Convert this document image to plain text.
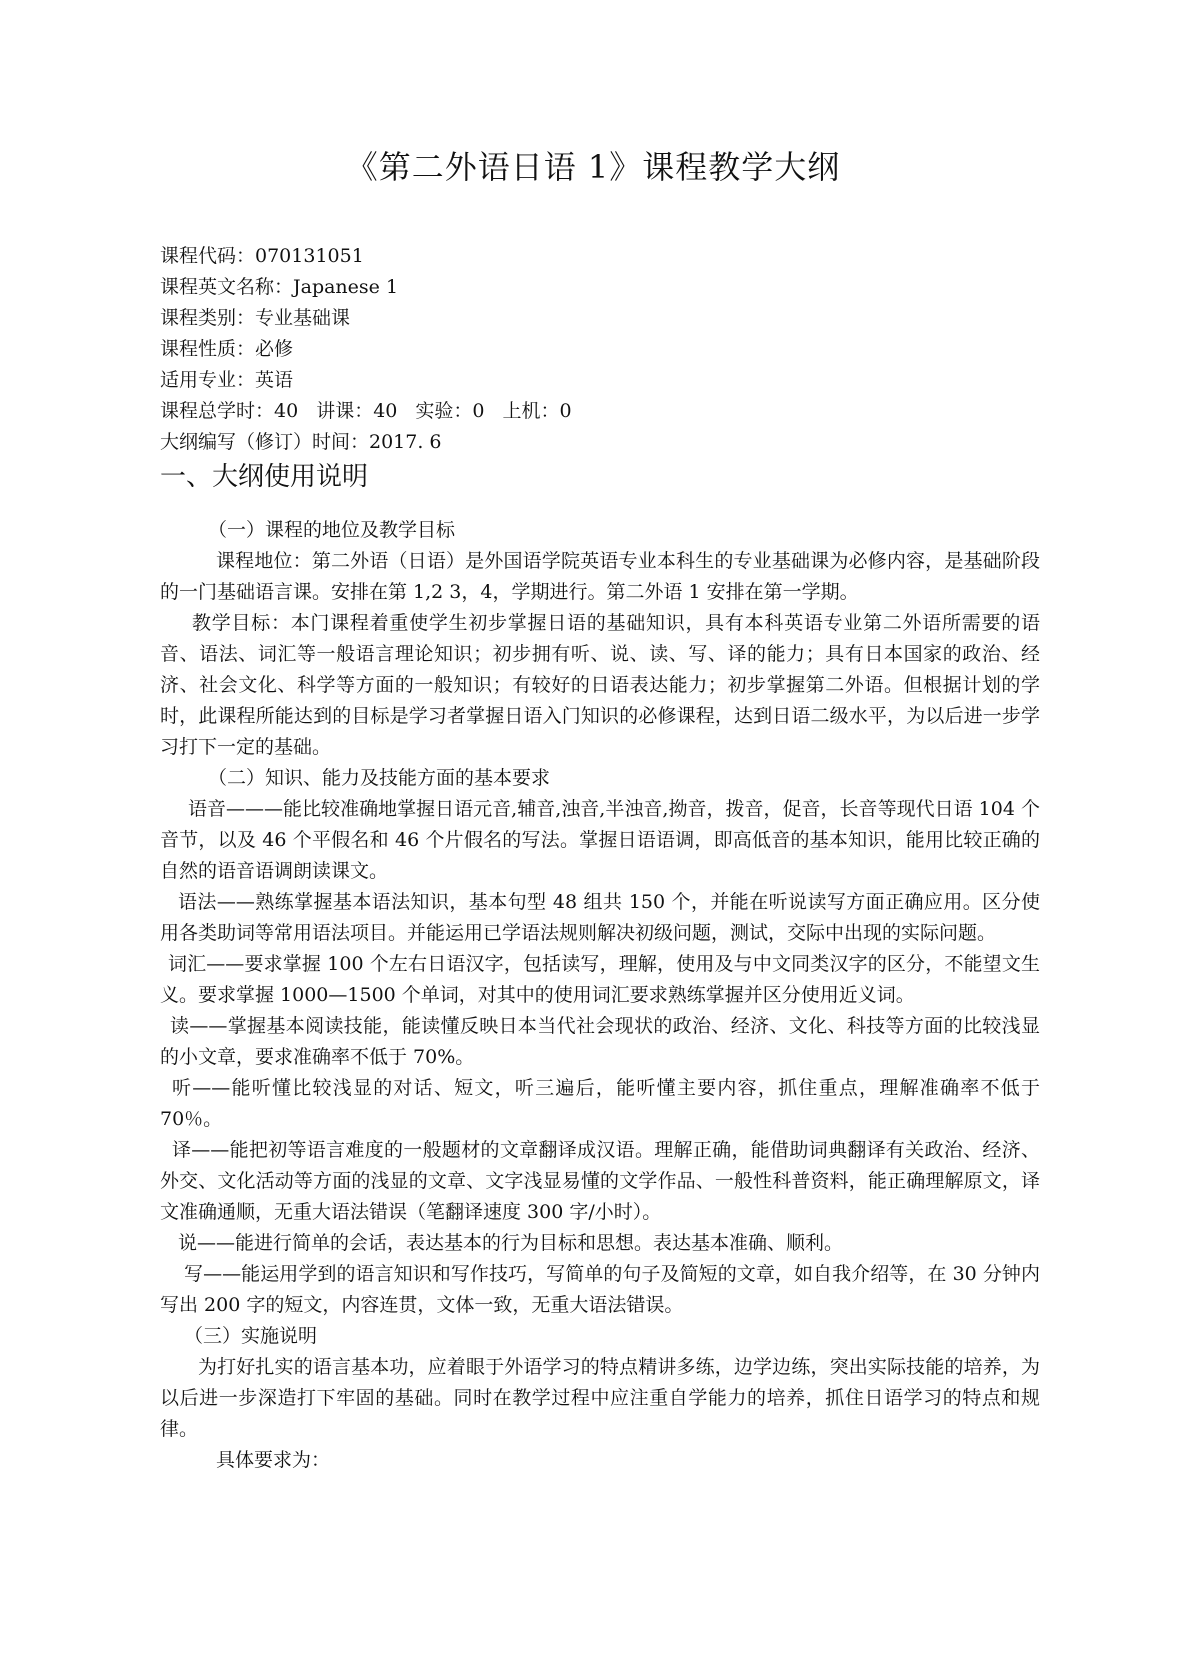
《第二外语日语 1》课程教学大纲
课程代码：070131051
课程英文名称：Japanese 1
课程类别：专业基础课
课程性质：必修
适用专业：英语
课程总学时：40 讲课：40 实验：0 上机：0
大纲编写（修订）时间：2017. 6
一、大纲使用说明

（一）课程的地位及教学目标

课程地位：第二外语（日语）是外国语学院英语专业本科生的专业基础课为必修内容，是基础阶段的一门基础语言课。安排在第 1,2 3，4，学期进行。第二外语 1 安排在第一学期。

教学目标：本门课程着重使学生初步掌握日语的基础知识，具有本科英语专业第二外语所需要的语音、语法、词汇等一般语言理论知识；初步拥有听、说、读、写、译的能力；具有日本国家的政治、经济、社会文化、科学等方面的一般知识；有较好的日语表达能力；初步掌握第二外语。但根据计划的学时，此课程所能达到的目标是学习者掌握日语入门知识的必修课程，达到日语二级水平，为以后进一步学习打下一定的基础。

（二）知识、能力及技能方面的基本要求

语音———能比较准确地掌握日语元音,辅音,浊音,半浊音,拗音，拨音，促音，长音等现代日语 104 个音节，以及 46 个平假名和 46 个片假名的写法。掌握日语语调，即高低音的基本知识，能用比较正确的自然的语音语调朗读课文。

语法——熟练掌握基本语法知识，基本句型 48 组共 150 个，并能在听说读写方面正确应用。区分使用各类助词等常用语法项目。并能运用已学语法规则解决初级问题，测试，交际中出现的实际问题。

词汇——要求掌握 100 个左右日语汉字，包括读写，理解，使用及与中文同类汉字的区分，不能望文生义。要求掌握 1000—1500 个单词，对其中的使用词汇要求熟练掌握并区分使用近义词。

读——掌握基本阅读技能，能读懂反映日本当代社会现状的政治、经济、文化、科技等方面的比较浅显的小文章，要求准确率不低于 70%。

听——能听懂比较浅显的对话、短文，听三遍后，能听懂主要内容，抓住重点，理解准确率不低于 70％。

译——能把初等语言难度的一般题材的文章翻译成汉语。理解正确，能借助词典翻译有关政治、经济、外交、文化活动等方面的浅显的文章、文字浅显易懂的文学作品、一般性科普资料，能正确理解原文，译文准确通顺，无重大语法错误（笔翻译速度 300 字/小时）。

说——能进行简单的会话，表达基本的行为目标和思想。表达基本准确、顺利。

写——能运用学到的语言知识和写作技巧，写简单的句子及简短的文章，如自我介绍等，在 30 分钟内写出 200 字的短文，内容连贯，文体一致，无重大语法错误。

（三）实施说明

为打好扎实的语言基本功，应着眼于外语学习的特点精讲多练，边学边练，突出实际技能的培养，为以后进一步深造打下牢固的基础。同时在教学过程中应注重自学能力的培养，抓住日语学习的特点和规律。

具体要求为：
